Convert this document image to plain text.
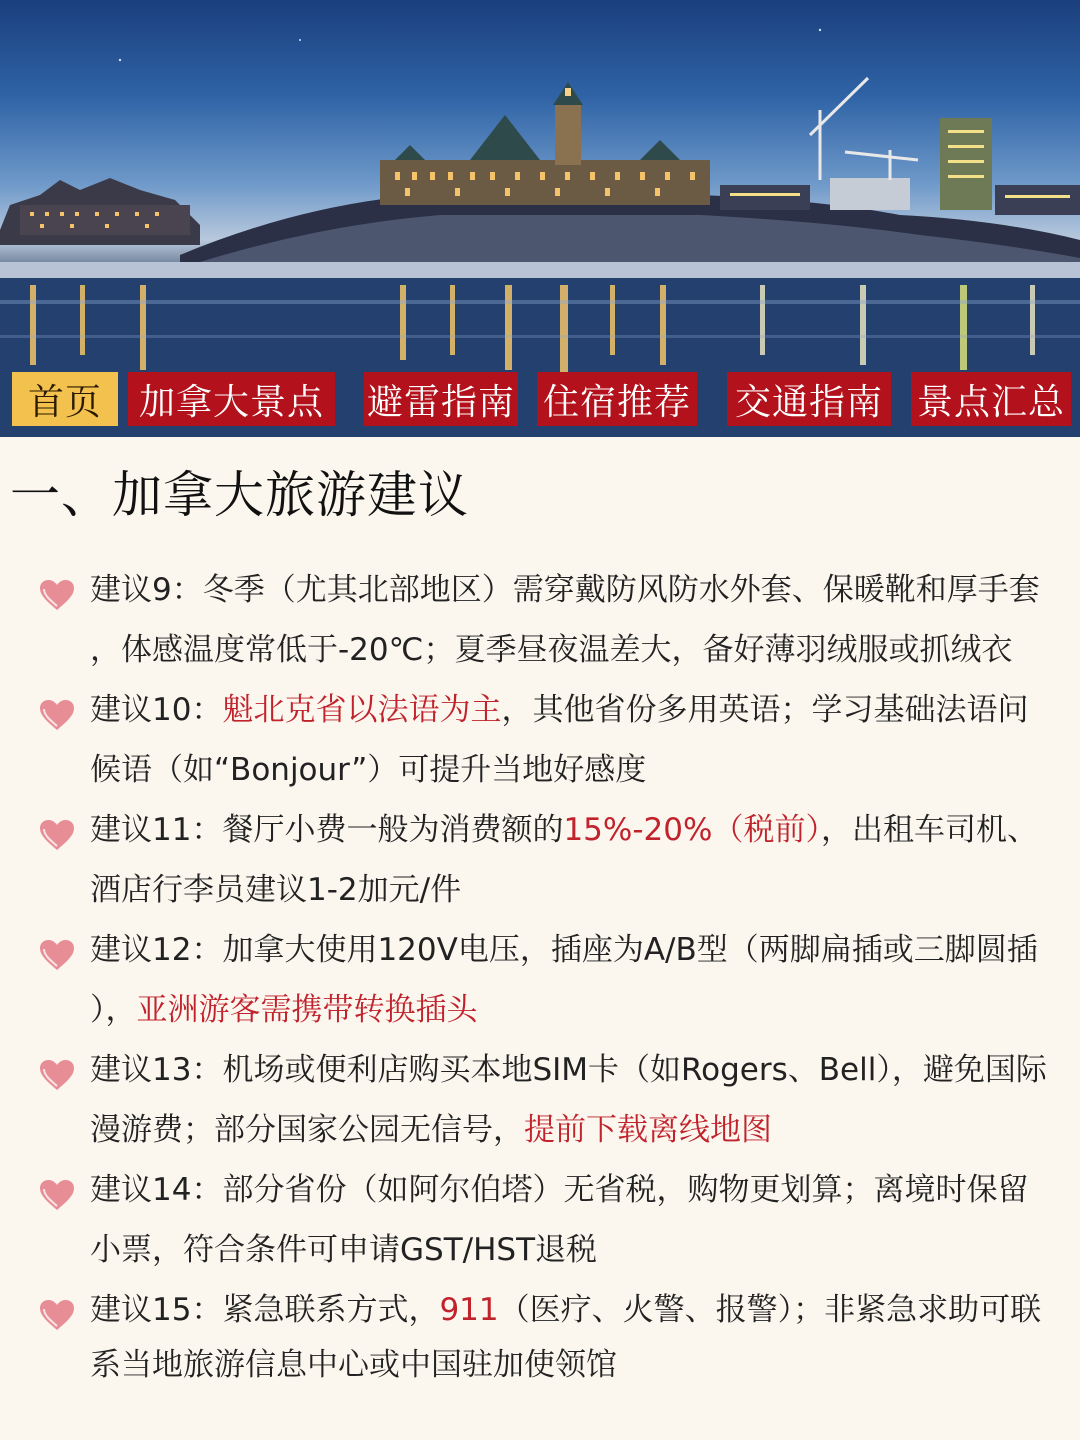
首页	加拿大景点	避雷指南 住宿推荐 交通指南 景点汇总
一、加拿大旅游建议
建议9：冬季（尤其北部地区）需穿戴防风防水外套、保暖靴和厚手套
，体感温度常低于-20℃；夏季昼夜温差大，备好薄羽绒服或抓绒衣
建议10：魁北克省以法语为主，其他省份多用英语；学习基础法语问
候语（如“Bonjour”）可提升当地好感度
建议11：餐厅小费一般为消费额的15%-20%（税前），出租车司机、
酒店行李员建议1-2加元/件
建议12：加拿大使用120V电压，插座为A/B型（两脚扁插或三脚圆插
），亚洲游客需携带转换插头
建议13：机场或便利店购买本地SIM卡（如Rogers、Bell），避免国际
漫游费；部分国家公园无信号，提前下载离线地图
建议14：部分省份（如阿尔伯塔）无省税，购物更划算；离境时保留
小票，符合条件可申请GST/HST退税
建议15：紧急联系方式，911（医疗、火警、报警）；非紧急求助可联
系当地旅游信息中心或中国驻加使领馆
